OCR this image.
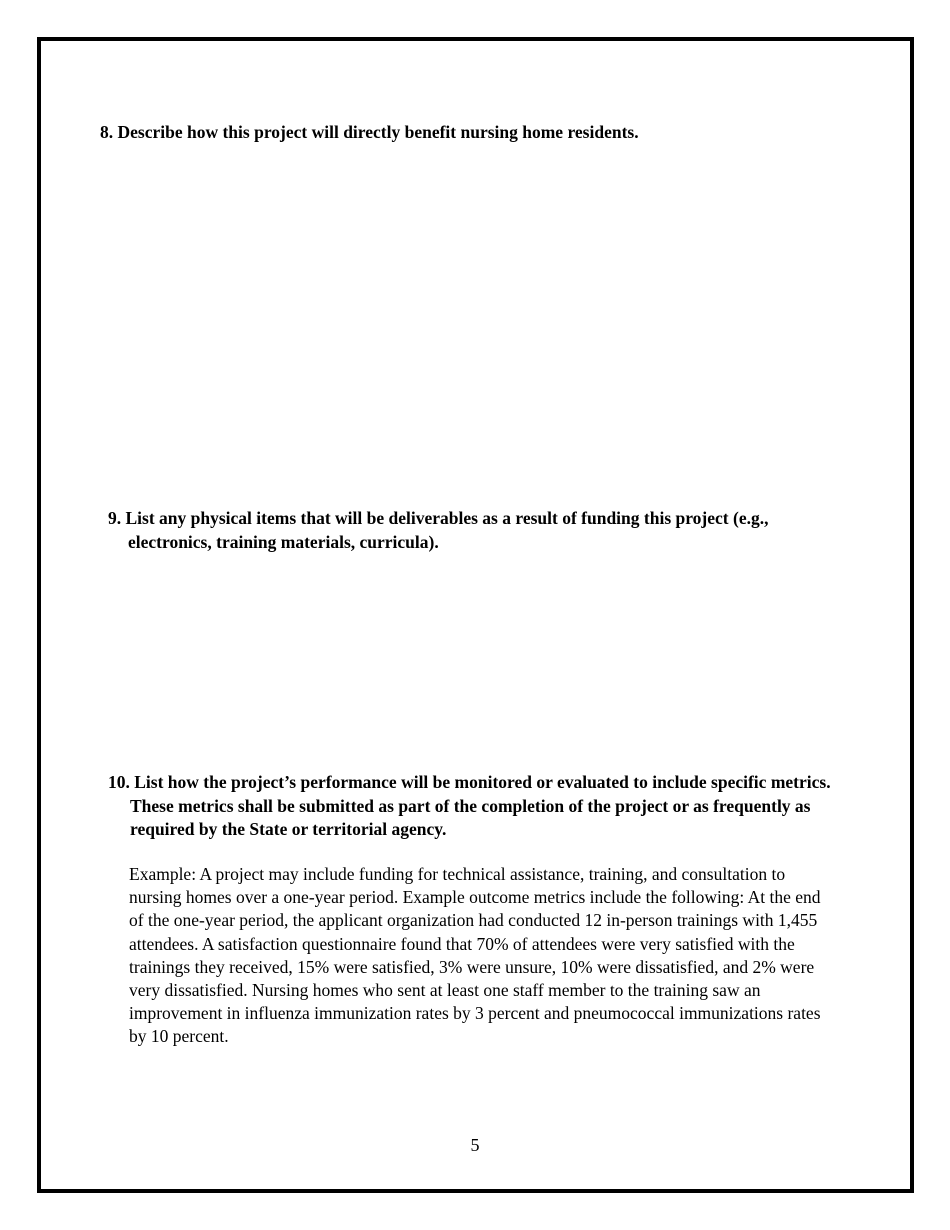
8. Describe how this project will directly benefit nursing home residents.

9. List any physical items that will be deliverables as a result of funding this project (e.g., electronics, training materials, curricula).

10. List how the project’s performance will be monitored or evaluated to include specific metrics. These metrics shall be submitted as part of the completion of the project or as frequently as required by the State or territorial agency.

Example: A project may include funding for technical assistance, training, and consultation to nursing homes over a one-year period. Example outcome metrics include the following: At the end of the one-year period, the applicant organization had conducted 12 in-person trainings with 1,455 attendees. A satisfaction questionnaire found that 70% of attendees were very satisfied with the trainings they received, 15% were satisfied, 3% were unsure, 10% were dissatisfied, and 2% were very dissatisfied. Nursing homes who sent at least one staff member to the training saw an improvement in influenza immunization rates by 3 percent and pneumococcal immunizations rates by 10 percent.

5
